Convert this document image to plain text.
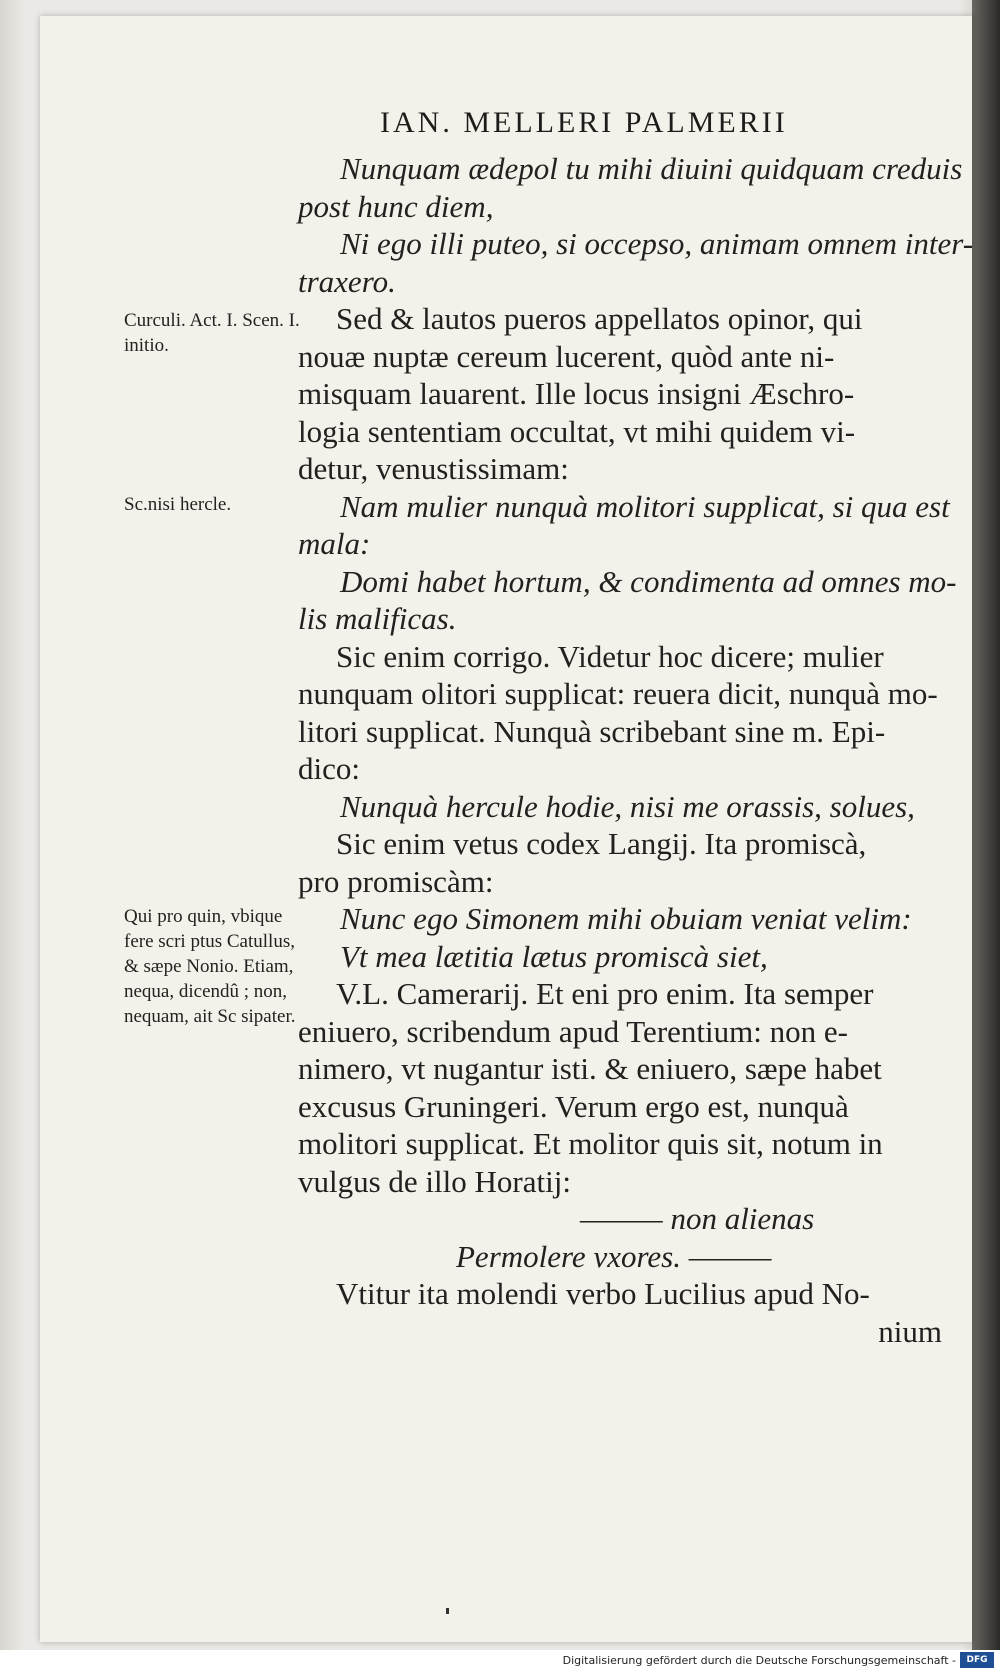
IAN. MELLERI PALMERII
Curculi. Act. I. Scen. I. initio.
Sc.nisi hercle.
Qui pro quin, vbique fere scri ptus Catullus, & sæpe Nonio. Etiam, nequa, dicendû ; non, nequam, ait Sc sipater.
Nunquam ædepol tu mihi diuini quidquam creduis
post hunc diem,
Ni ego illi puteo, si occepso, animam omnem inter-
traxero.
Sed & lautos pueros appellatos opinor, qui
nouæ nuptæ cereum lucerent, quòd ante ni-
misquam lauarent. Ille locus insigni Æschro-
logia sententiam occultat, vt mihi quidem vi-
detur, venustissimam:
Nam mulier nunquà molitori supplicat, si qua est
mala:
Domi habet hortum, & condimenta ad omnes mo-
lis malificas.
Sic enim corrigo. Videtur hoc dicere; mulier
nunquam olitori supplicat: reuera dicit, nunquà mo-
litori supplicat. Nunquà scribebant sine m. Epi-
dico:
Nunquà hercule hodie, nisi me orassis, solues,
Sic enim vetus codex Langij. Ita promiscà,
pro promiscàm:
Nunc ego Simonem mihi obuiam veniat velim:
Vt mea lætitia lætus promiscà siet,
V.L. Camerarij. Et eni pro enim. Ita semper
eniuero, scribendum apud Terentium: non e-
nimero, vt nugantur isti. & eniuero, sæpe habet
excusus Gruningeri. Verum ergo est, nunquà
molitori supplicat. Et molitor quis sit, notum in
vulgus de illo Horatij:
——— non alienas
Permolere vxores. ———
Vtitur ita molendi verbo Lucilius apud No-
nium
Digitalisierung gefördert durch die Deutsche Forschungsgemeinschaft -	DFG
